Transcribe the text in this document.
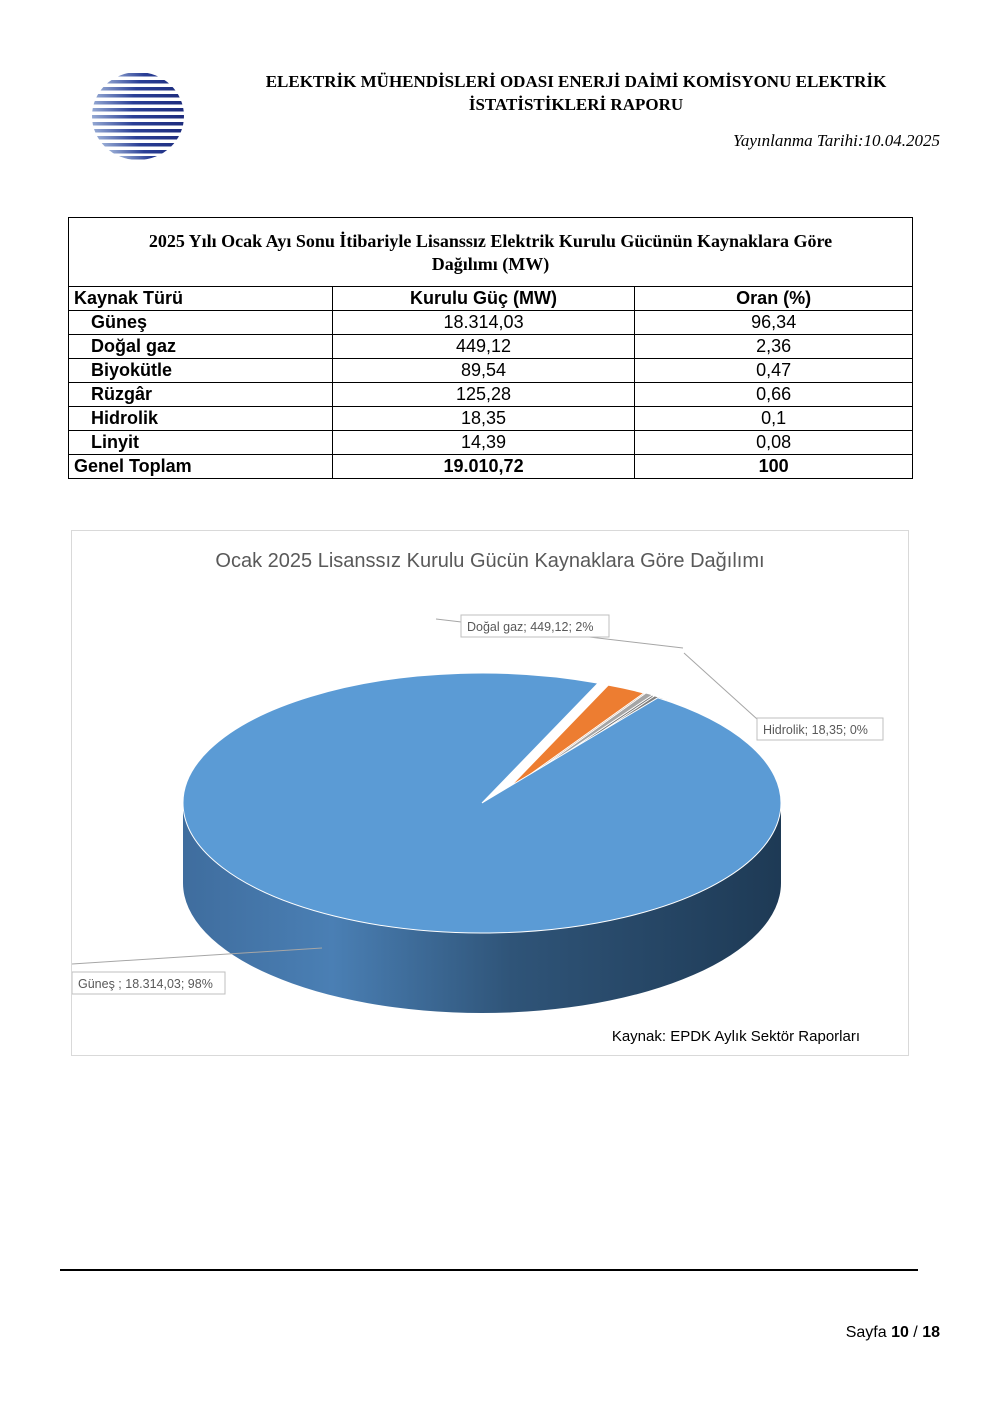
ELEKTRİK MÜHENDİSLERİ ODASI ENERJİ DAİMİ KOMİSYONU ELEKTRİK
İSTATİSTİKLERİ RAPORU
Yayınlanma Tarihi:10.04.2025
2025 Yılı Ocak Ayı Sonu İtibariyle Lisanssız Elektrik Kurulu Gücünün Kaynaklara Göre
Dağılımı (MW)		

Kaynak Türü	Kurulu Güç (MW)	Oran (%)
Güneş	18.314,03	96,34
Doğal gaz	449,12	2,36
Biyokütle	89,54	0,47
Rüzgâr	125,28	0,66
Hidrolik	18,35	0,1
Linyit	14,39	0,08
Genel Toplam	19.010,72	100
Ocak 2025 Lisanssız Kurulu Gücün Kaynaklara Göre Dağılımı
Doğal gaz; 449,12; 2%
Hidrolik; 18,35; 0%
Güneş ; 18.314,03; 98%
Kaynak: EPDK Aylık Sektör Raporları
Sayfa 10 / 18
